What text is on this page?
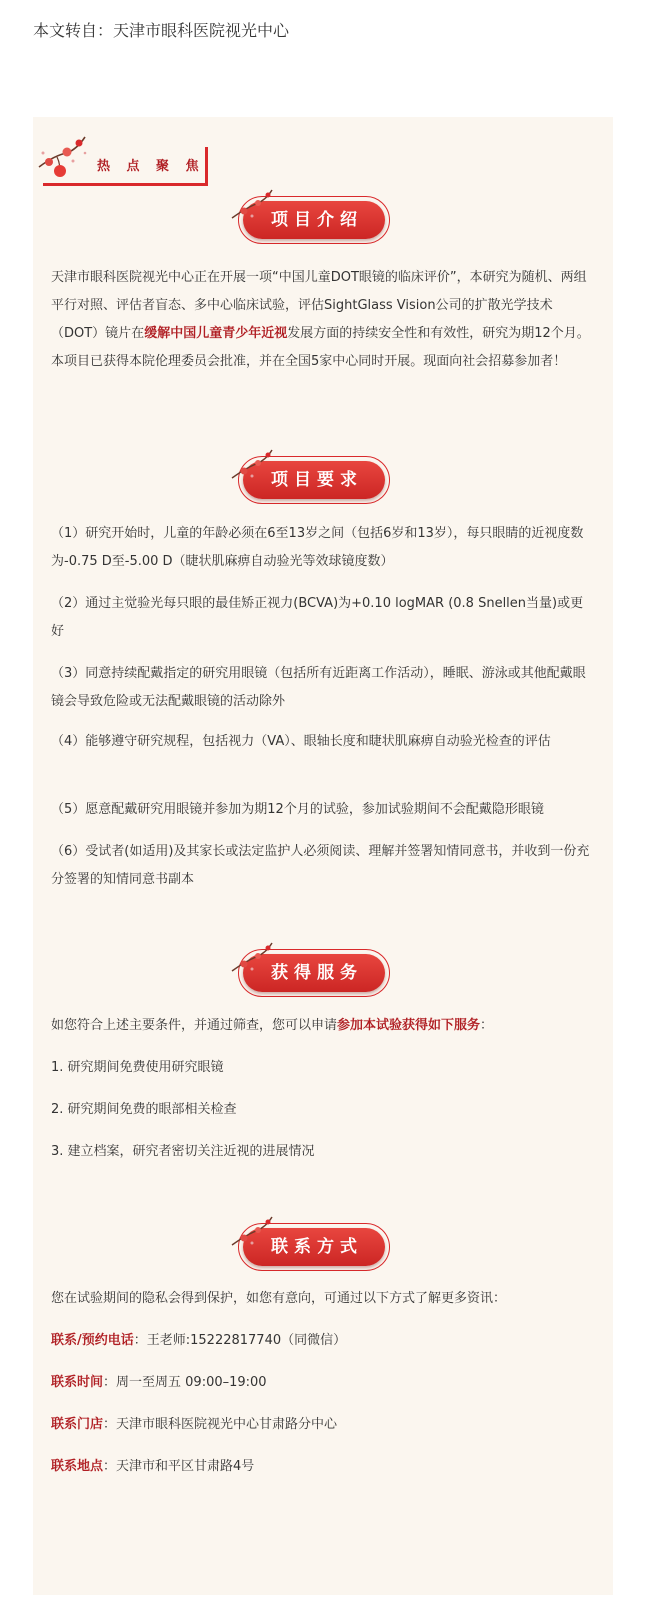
本文转自：天津市眼科医院视光中心
热 点 聚 焦
项目介绍
天津市眼科医院视光中心正在开展一项“中国儿童DOT眼镜的临床评价”，本研究为随机、两组平行对照、评估者盲态、多中心临床试验，评估SightGlass Vision公司的扩散光学技术（DOT）镜片在缓解中国儿童青少年近视发展方面的持续安全性和有效性，研究为期12个月。本项目已获得本院伦理委员会批准，并在全国5家中心同时开展。现面向社会招募参加者！
项目要求
（1）研究开始时，儿童的年龄必须在6至13岁之间（包括6岁和13岁），每只眼睛的近视度数为-0.75 D至-5.00 D（睫状肌麻痹自动验光等效球镜度数）
（2）通过主觉验光每只眼的最佳矫正视力(BCVA)为+0.10 logMAR (0.8 Snellen当量)或更好
（3）同意持续配戴指定的研究用眼镜（包括所有近距离工作活动），睡眠、游泳或其他配戴眼镜会导致危险或无法配戴眼镜的活动除外
（4）能够遵守研究规程，包括视力（VA）、眼轴长度和睫状肌麻痹自动验光检查的评估
（5）愿意配戴研究用眼镜并参加为期12个月的试验，参加试验期间不会配戴隐形眼镜
（6）受试者(如适用)及其家长或法定监护人必须阅读、理解并签署知情同意书，并收到一份充分签署的知情同意书副本
获得服务
如您符合上述主要条件，并通过筛查，您可以申请参加本试验获得如下服务：
1. 研究期间免费使用研究眼镜
2. 研究期间免费的眼部相关检查
3. 建立档案，研究者密切关注近视的进展情况
联系方式
您在试验期间的隐私会得到保护，如您有意向，可通过以下方式了解更多资讯：
联系/预约电话：王老师:15222817740（同微信）
联系时间：周一至周五 09:00–19:00
联系门店：天津市眼科医院视光中心甘肃路分中心
联系地点：天津市和平区甘肃路4号
